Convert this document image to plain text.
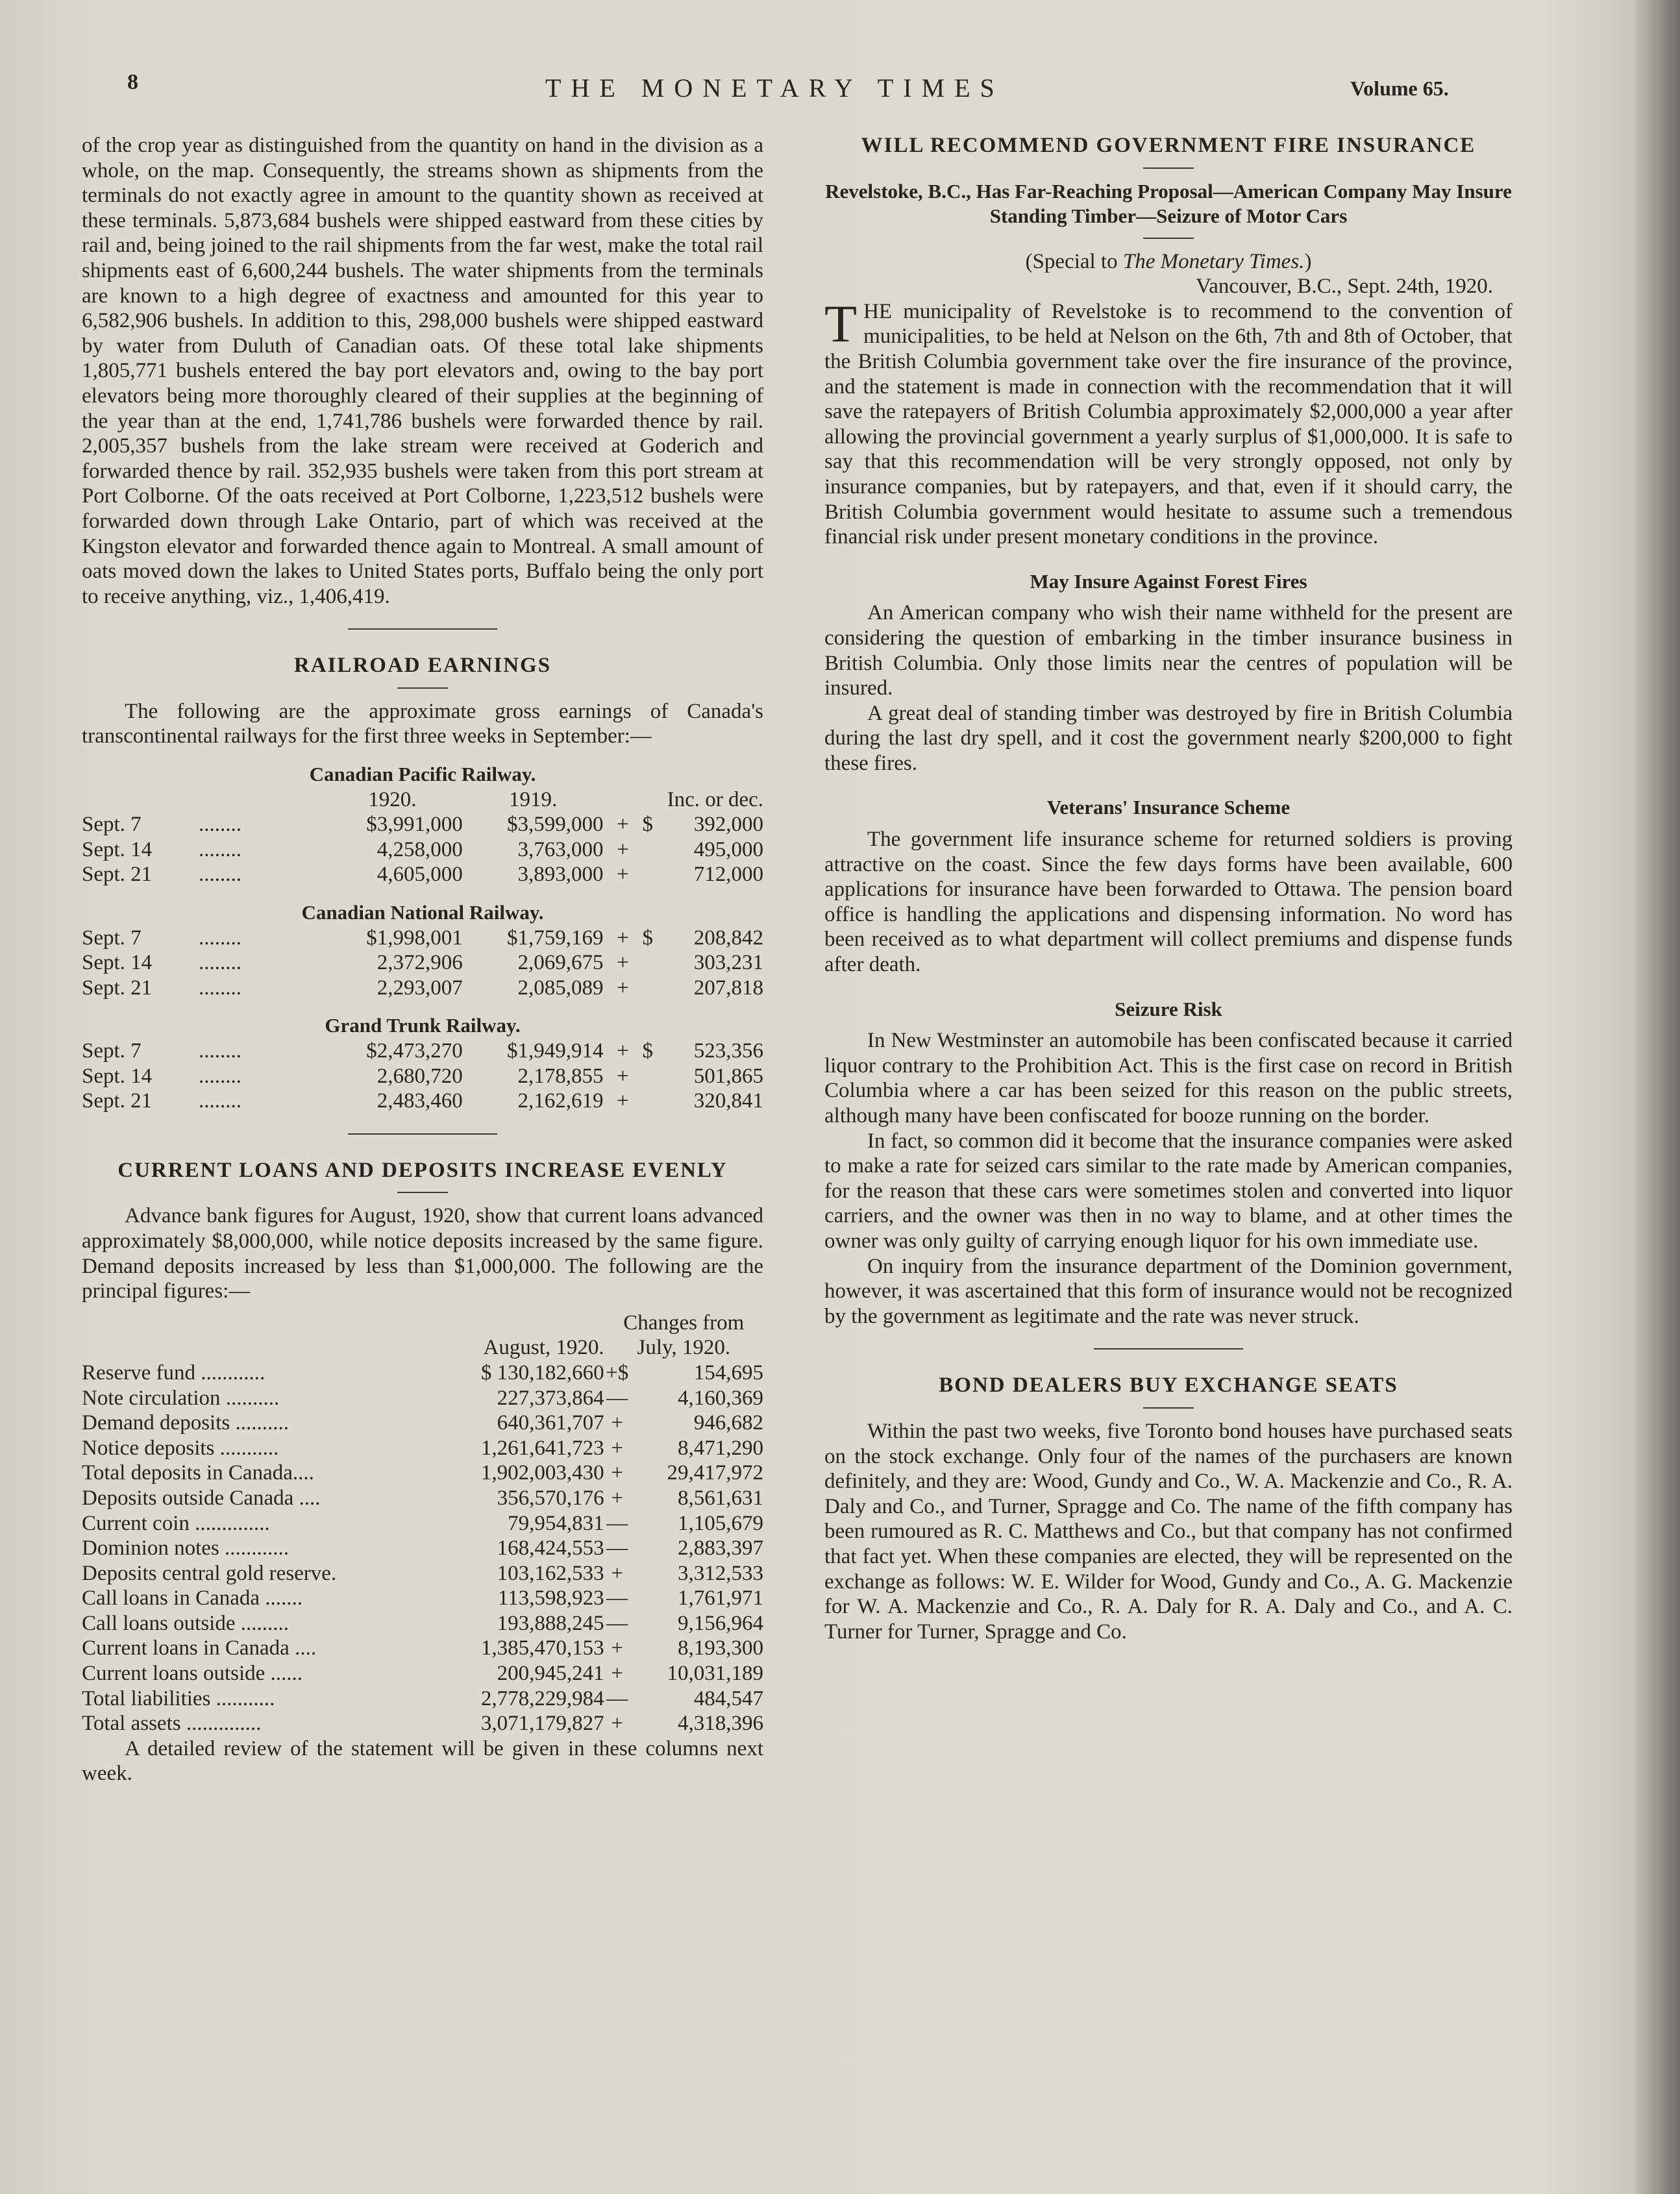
8	THE MONETARY TIMES	Volume 65.

of the crop year as distinguished from the quantity on hand in the division as a whole, on the map. Consequently, the streams shown as shipments from the terminals do not exactly agree in amount to the quantity shown as received at these terminals. 5,873,684 bushels were shipped eastward from these cities by rail and, being joined to the rail shipments from the far west, make the total rail shipments east of 6,600,244 bushels. The water shipments from the terminals are known to a high degree of exactness and amounted for this year to 6,582,906 bushels. In addition to this, 298,000 bushels were shipped eastward by water from Duluth of Canadian oats. Of these total lake shipments 1,805,771 bushels entered the bay port elevators and, owing to the bay port elevators being more thoroughly cleared of their supplies at the beginning of the year than at the end, 1,741,786 bushels were forwarded thence by rail. 2,005,357 bushels from the lake stream were received at Goderich and forwarded thence by rail. 352,935 bushels were taken from this port stream at Port Colborne. Of the oats received at Port Colborne, 1,223,512 bushels were forwarded down through Lake Ontario, part of which was received at the Kingston elevator and forwarded thence again to Montreal. A small amount of oats moved down the lakes to United States ports, Buffalo being the only port to receive anything, viz., 1,406,419.

RAILROAD EARNINGS

The following are the approximate gross earnings of Canada's transcontinental railways for the first three weeks in September:—

Canadian Pacific Railway.
		1920.	1919.	Inc. or dec.		
Sept. 7	........	$3,991,000	$3,599,000	+	$	392,000
Sept. 14	........	4,258,000	3,763,000	+		495,000
Sept. 21	........	4,605,000	3,893,000	+		712,000
Canadian National Railway.
Sept. 7	........	$1,998,001	$1,759,169	+	$	208,842
Sept. 14	........	2,372,906	2,069,675	+		303,231
Sept. 21	........	2,293,007	2,085,089	+		207,818
Grand Trunk Railway.
Sept. 7	........	$2,473,270	$1,949,914	+	$	523,356
Sept. 14	........	2,680,720	2,178,855	+		501,865
Sept. 21	........	2,483,460	2,162,619	+		320,841
CURRENT LOANS AND DEPOSITS INCREASE EVENLY

Advance bank figures for August, 1920, show that current loans advanced approximately $8,000,000, while notice deposits increased by the same figure. Demand deposits increased by less than $1,000,000. The following are the principal figures:—

		Changes from	
	August, 1920.	July, 1920.	
Reserve fund ............	$ 130,182,660	+$	154,695
Note circulation ..........	227,373,864	—	4,160,369
Demand deposits ..........	640,361,707	+	946,682
Notice deposits ...........	1,261,641,723	+	8,471,290
Total deposits in Canada....	1,902,003,430	+	29,417,972
Deposits outside Canada ....	356,570,176	+	8,561,631
Current coin ..............	79,954,831	—	1,105,679
Dominion notes ............	168,424,553	—	2,883,397
Deposits central gold reserve.	103,162,533	+	3,312,533
Call loans in Canada .......	113,598,923	—	1,761,971
Call loans outside .........	193,888,245	—	9,156,964
Current loans in Canada ....	1,385,470,153	+	8,193,300
Current loans outside ......	200,945,241	+	10,031,189
Total liabilities ...........	2,778,229,984	—	484,547
Total assets ..............	3,071,179,827	+	4,318,396

A detailed review of the statement will be given in these columns next week.

WILL RECOMMEND GOVERNMENT FIRE INSURANCE
Revelstoke, B.C., Has Far-Reaching Proposal—American Company May Insure Standing Timber—Seizure of Motor Cars

(Special to The Monetary Times.)

Vancouver, B.C., Sept. 24th, 1920.

THE municipality of Revelstoke is to recommend to the convention of municipalities, to be held at Nelson on the 6th, 7th and 8th of October, that the British Columbia government take over the fire insurance of the province, and the statement is made in connection with the recommendation that it will save the ratepayers of British Columbia approximately $2,000,000 a year after allowing the provincial government a yearly surplus of $1,000,000. It is safe to say that this recommendation will be very strongly opposed, not only by insurance companies, but by ratepayers, and that, even if it should carry, the British Columbia government would hesitate to assume such a tremendous financial risk under present monetary conditions in the province.

May Insure Against Forest Fires

An American company who wish their name withheld for the present are considering the question of embarking in the timber insurance business in British Columbia. Only those limits near the centres of population will be insured.

A great deal of standing timber was destroyed by fire in British Columbia during the last dry spell, and it cost the government nearly $200,000 to fight these fires.

Veterans' Insurance Scheme

The government life insurance scheme for returned soldiers is proving attractive on the coast. Since the few days forms have been available, 600 applications for insurance have been forwarded to Ottawa. The pension board office is handling the applications and dispensing information. No word has been received as to what department will collect premiums and dispense funds after death.

Seizure Risk

In New Westminster an automobile has been confiscated because it carried liquor contrary to the Prohibition Act. This is the first case on record in British Columbia where a car has been seized for this reason on the public streets, although many have been confiscated for booze running on the border.

In fact, so common did it become that the insurance companies were asked to make a rate for seized cars similar to the rate made by American companies, for the reason that these cars were sometimes stolen and converted into liquor carriers, and the owner was then in no way to blame, and at other times the owner was only guilty of carrying enough liquor for his own immediate use.

On inquiry from the insurance department of the Dominion government, however, it was ascertained that this form of insurance would not be recognized by the government as legitimate and the rate was never struck.

BOND DEALERS BUY EXCHANGE SEATS

Within the past two weeks, five Toronto bond houses have purchased seats on the stock exchange. Only four of the names of the purchasers are known definitely, and they are: Wood, Gundy and Co., W. A. Mackenzie and Co., R. A. Daly and Co., and Turner, Spragge and Co. The name of the fifth company has been rumoured as R. C. Matthews and Co., but that company has not confirmed that fact yet. When these companies are elected, they will be represented on the exchange as follows: W. E. Wilder for Wood, Gundy and Co., A. G. Mackenzie for W. A. Mackenzie and Co., R. A. Daly for R. A. Daly and Co., and A. C. Turner for Turner, Spragge and Co.
